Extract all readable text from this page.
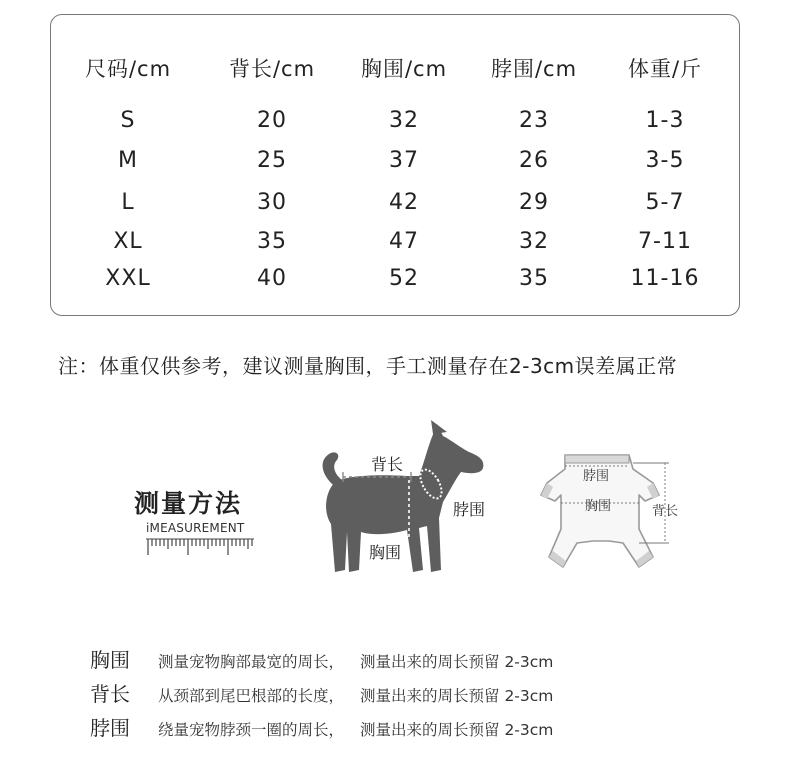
尺码/cm	背长/cm 胸围/cm 脖围/cm 体重/斤
S	20	32	23	1-3
M	25	37	26	3-5
L	30	42	29	5-7
XL	35	47	32	7-11
XXL	40	52	35	11-16
注：体重仅供参考，建议测量胸围，手工测量存在2-3cm误差属正常
测量方法
iMEASUREMENT
背长
脖围
胸围
脖围
胸围	背长
胸围 测量宠物胸部最宽的周长， 测量出来的周长预留 2-3cm
背长 从颈部到尾巴根部的长度， 测量出来的周长预留 2-3cm
脖围 绕量宠物脖颈一圈的周长， 测量出来的周长预留 2-3cm
